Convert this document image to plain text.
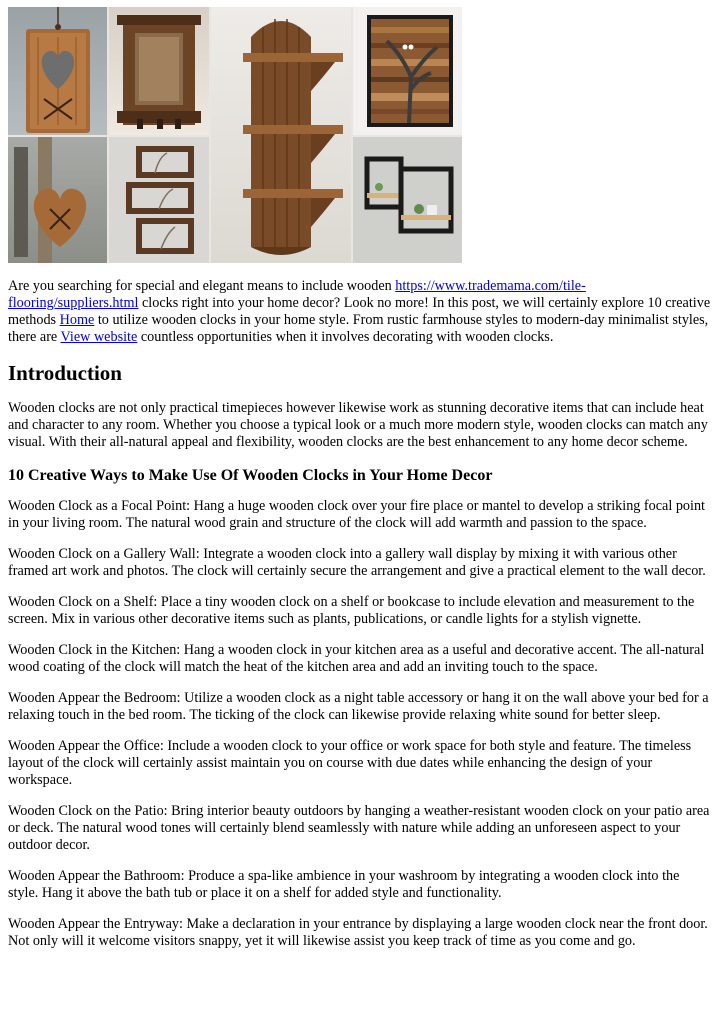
Are you searching for special and elegant means to include wooden https://www.trademama.com/tile-flooring/suppliers.html clocks right into your home decor? Look no more! In this post, we will certainly explore 10 creative methods Home to utilize wooden clocks in your home style. From rustic farmhouse styles to modern-day minimalist styles, there are View website countless opportunities when it involves decorating with wooden clocks.

Introduction

Wooden clocks are not only practical timepieces however likewise work as stunning decorative items that can include heat and character to any room. Whether you choose a typical look or a much more modern style, wooden clocks can match any visual. With their all-natural appeal and flexibility, wooden clocks are the best enhancement to any home decor scheme.

10 Creative Ways to Make Use Of Wooden Clocks in Your Home Decor

Wooden Clock as a Focal Point: Hang a huge wooden clock over your fire place or mantel to develop a striking focal point in your living room. The natural wood grain and structure of the clock will add warmth and passion to the space.

Wooden Clock on a Gallery Wall: Integrate a wooden clock into a gallery wall display by mixing it with various other framed art work and photos. The clock will certainly secure the arrangement and give a practical element to the wall decor.

Wooden Clock on a Shelf: Place a tiny wooden clock on a shelf or bookcase to include elevation and measurement to the screen. Mix in various other decorative items such as plants, publications, or candle lights for a stylish vignette.

Wooden Clock in the Kitchen: Hang a wooden clock in your kitchen area as a useful and decorative accent. The all-natural wood coating of the clock will match the heat of the kitchen area and add an inviting touch to the space.

Wooden Appear the Bedroom: Utilize a wooden clock as a night table accessory or hang it on the wall above your bed for a relaxing touch in the bed room. The ticking of the clock can likewise provide relaxing white sound for better sleep.

Wooden Appear the Office: Include a wooden clock to your office or work space for both style and feature. The timeless layout of the clock will certainly assist maintain you on course with due dates while enhancing the design of your workspace.

Wooden Clock on the Patio: Bring interior beauty outdoors by hanging a weather-resistant wooden clock on your patio area or deck. The natural wood tones will certainly blend seamlessly with nature while adding an unforeseen aspect to your outdoor decor.

Wooden Appear the Bathroom: Produce a spa-like ambience in your washroom by integrating a wooden clock into the style. Hang it above the bath tub or place it on a shelf for added style and functionality.

Wooden Appear the Entryway: Make a declaration in your entrance by displaying a large wooden clock near the front door. Not only will it welcome visitors snappy, yet it will likewise assist you keep track of time as you come and go.
